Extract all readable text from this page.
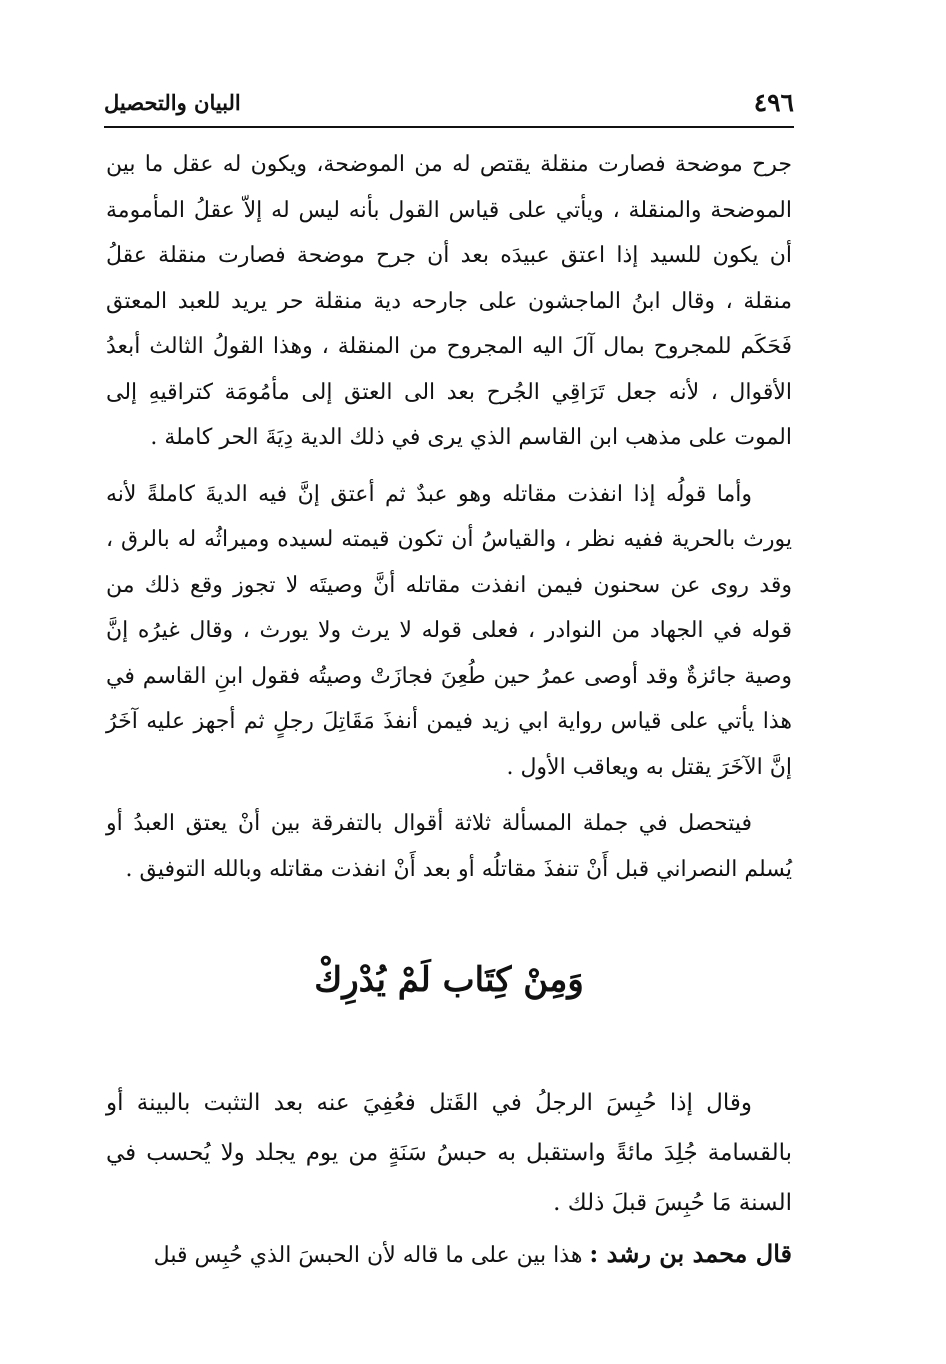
٤٩٦
البيان والتحصيل

جرح موضحة فصارت منقلة يقتص له من الموضحة، ويكون له عقل ما بين الموضحة والمنقلة ، ويأتي على قياس القول بأنه ليس له إلاّ عقلُ المأمومة أن يكون للسيد إذا اعتق عبيدَه بعد أن جرح موضحة فصارت منقلة عقلُ منقلة ، وقال ابنُ الماجشون على جارحه دية منقلة حر يريد للعبد المعتق فَحَكَم للمجروح بمال آلَ اليه المجروح من المنقلة ، وهذا القولُ الثالث أبعدُ الأقوال ، لأنه جعل تَرَاقِي الجُرح بعد الى العتق إلى مأمُومَة كتراقيهِ إلى الموت على مذهب ابن القاسم الذي يرى في ذلك الدية دِيَةَ الحر كاملة .

وأما قولُه إذا انفذت مقاتله وهو عبدٌ ثم أعتق إنَّ فيه الديةَ كاملةً لأنه يورث بالحرية ففيه نظر ، والقياسُ أن تكون قيمته لسيده وميراثُه له بالرق ، وقد روى عن سحنون فيمن انفذت مقاتله أنَّ وصيتَه لا تجوز وقع ذلك من قوله في الجهاد من النوادر ، فعلى قوله لا يرث ولا يورث ، وقال غيرُه إنَّ وصية جائزةٌ وقد أوصى عمرُ حين طُعِنَ فجازَتْ وصيتُه فقول ابنِ القاسم في هذا يأتي على قياس رواية ابي زيد فيمن أنفذَ مَقَاتِلَ رجلٍ ثم أجهز عليه آخَرُ إنَّ الآخَرَ يقتل به ويعاقب الأول .

فيتحصل في جملة المسألة ثلاثة أقوال بالتفرقة بين أنْ يعتق العبدُ أو يُسلم النصراني قبل أَنْ تنفذَ مقاتلُه أو بعد أَنْ انفذت مقاتله وبالله التوفيق .

وَمِنْ كِتَاب لَمْ يُدْرِكْ

وقال إذا حُبِسَ الرجلُ في القَتل فعُفِيَ عنه بعد التثبت بالبينة أو بالقسامة جُلِدَ مائةً واستقبل به حبسُ سَنَةٍ من يوم يجلد ولا يُحسب في السنة مَا حُبِسَ قبلَ ذلك .

قال محمد بن رشد : هذا بين على ما قاله لأن الحبسَ الذي حُبِس قبل
